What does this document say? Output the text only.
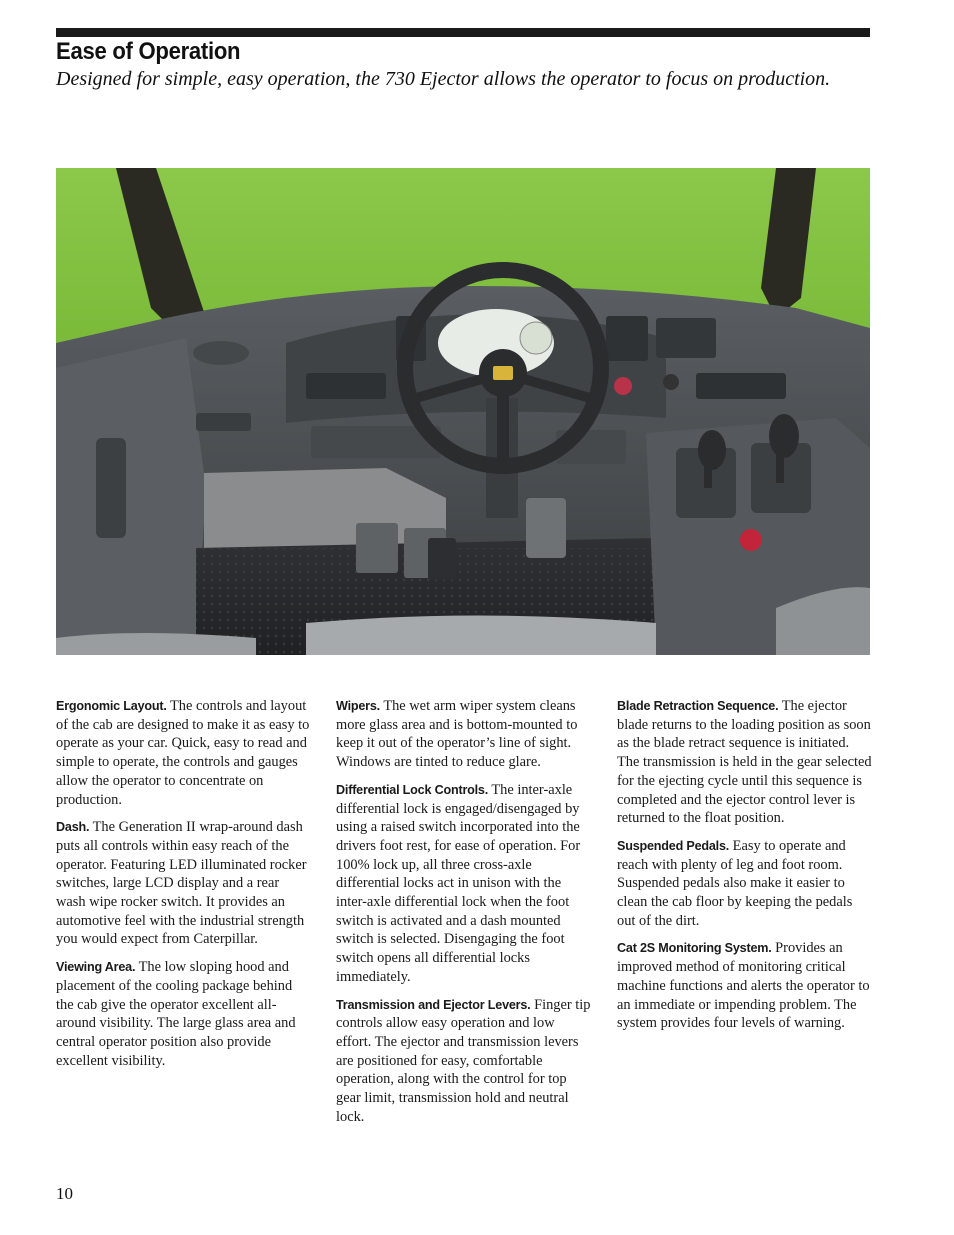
Ease of Operation

Designed for simple, easy operation, the 730 Ejector allows the operator to focus on production.

Ergonomic Layout. The controls and layout of the cab are designed to make it as easy to operate as your car. Quick, easy to read and simple to operate, the controls and gauges allow the operator to concentrate on production.

Dash. The Generation II wrap-around dash puts all controls within easy reach of the operator. Featuring LED illuminated rocker switches, large LCD display and a rear wash wipe rocker switch. It provides an automotive feel with the industrial strength you would expect from Caterpillar.

Viewing Area. The low sloping hood and placement of the cooling package behind the cab give the operator excellent all-around visibility. The large glass area and central operator position also provide excellent visibility.

Wipers. The wet arm wiper system cleans more glass area and is bottom-mounted to keep it out of the operator’s line of sight. Windows are tinted to reduce glare.

Differential Lock Controls. The inter-axle differential lock is engaged/disengaged by using a raised switch incorporated into the drivers foot rest, for ease of operation. For 100% lock up, all three cross-axle differential locks act in unison with the inter-axle differential lock when the foot switch is activated and a dash mounted switch is selected. Disengaging the foot switch opens all differential locks immediately.

Transmission and Ejector Levers. Finger tip controls allow easy operation and low effort. The ejector and transmission levers are positioned for easy, comfortable operation, along with the control for top gear limit, transmission hold and neutral lock.

Blade Retraction Sequence. The ejector blade returns to the loading position as soon as the blade retract sequence is initiated. The transmission is held in the gear selected for the ejecting cycle until this sequence is completed and the ejector control lever is returned to the float position.

Suspended Pedals. Easy to operate and reach with plenty of leg and foot room. Suspended pedals also make it easier to clean the cab floor by keeping the pedals out of the dirt.

Cat 2S Monitoring System. Provides an improved method of monitoring critical machine functions and alerts the operator to an immediate or impending problem. The system provides four levels of warning.

10
